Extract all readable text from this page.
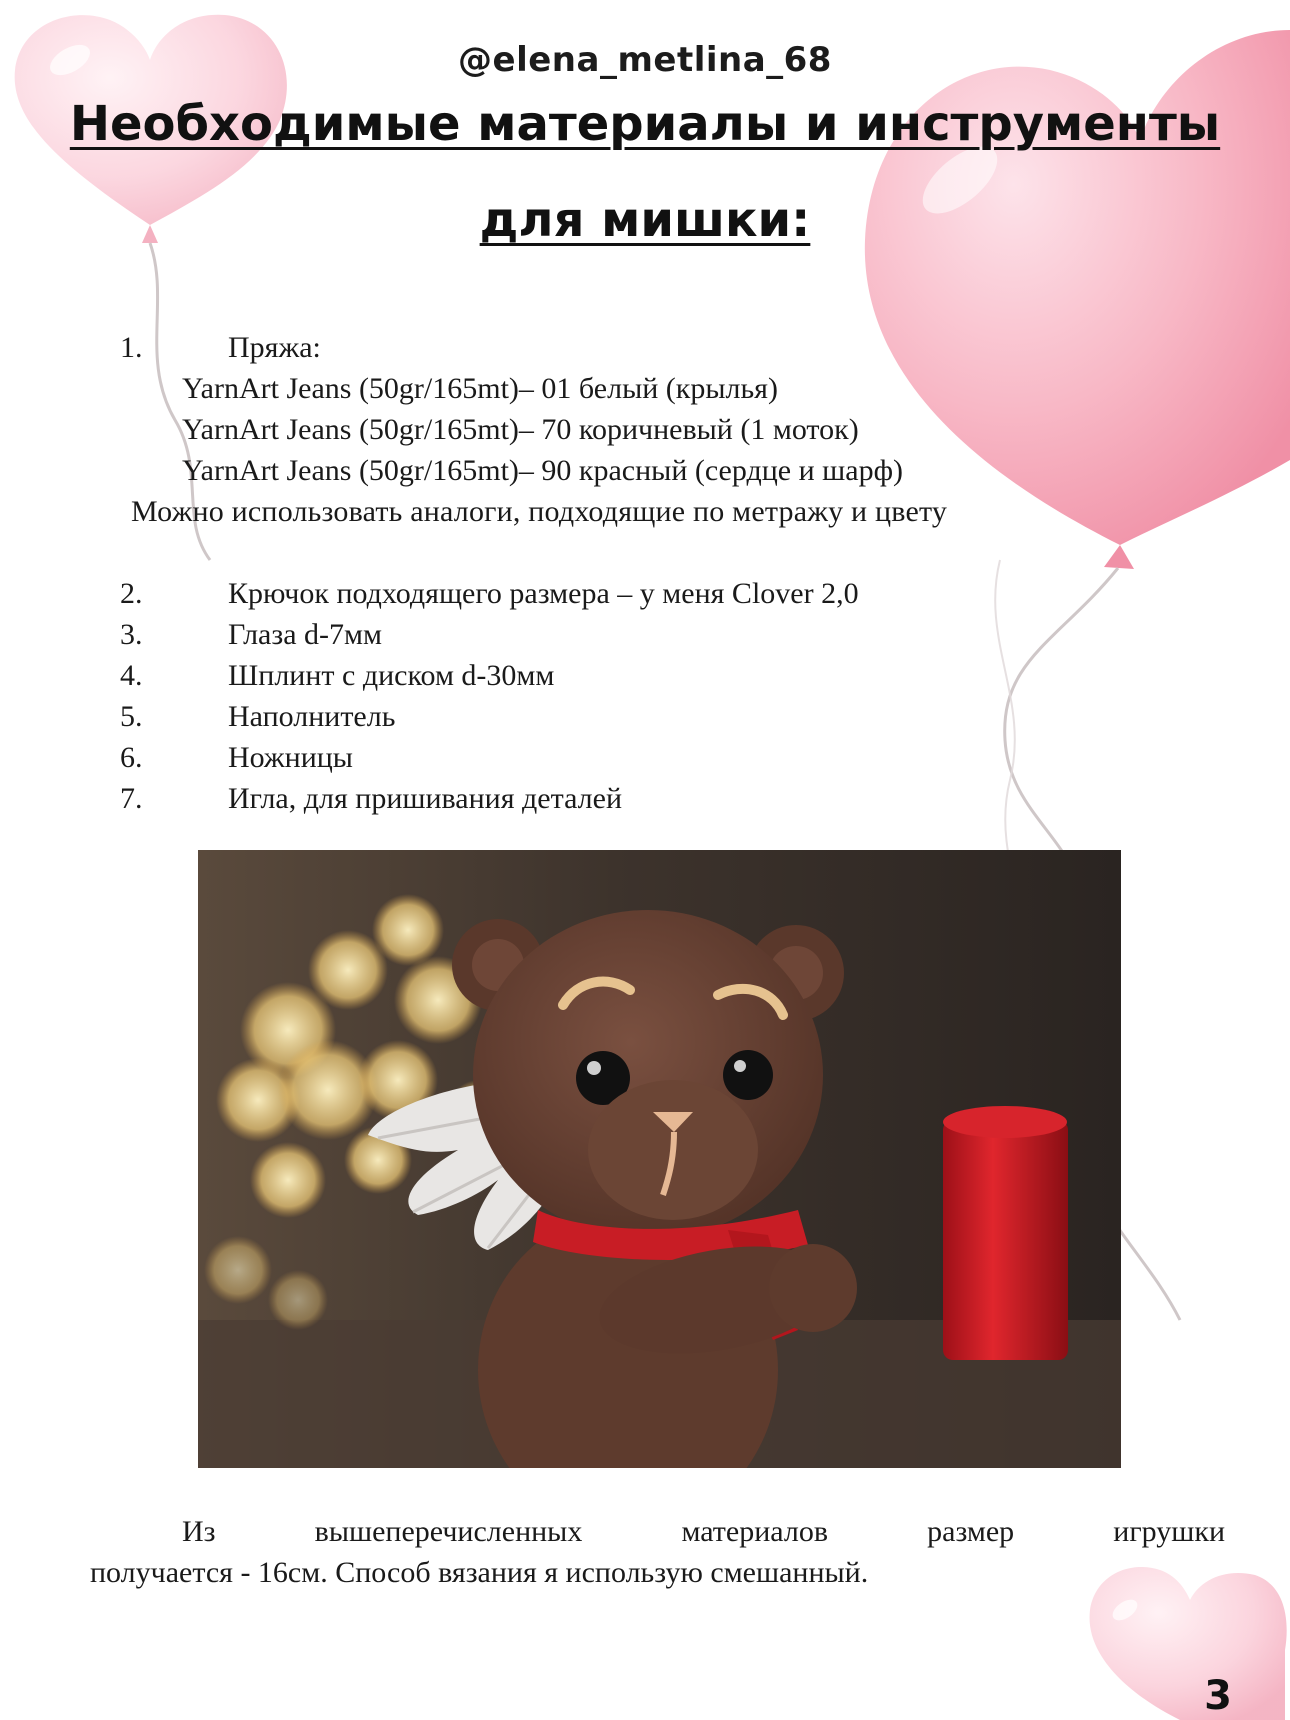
@elena_metlina_68
Необходимые материалы и инструменты
для мишки:
1.	Пряжа:
YarnArt Jeans (50gr/165mt)– 01 белый (крылья)
YarnArt Jeans (50gr/165mt)– 70 коричневый (1 моток)
YarnArt Jeans (50gr/165mt)– 90 красный (сердце и шарф)
Можно использовать аналоги, подходящие по метражу и цвету
2.	Крючок подходящего размера – у меня Clover 2,0
3.	Глаза d-7мм
4.	Шплинт с диском d-30мм
5.	Наполнитель
6.	Ножницы
7.	Игла, для пришивания деталей
Из вышеперечисленных материалов размер игрушки
получается - 16см. Способ вязания я использую смешанный.
3
